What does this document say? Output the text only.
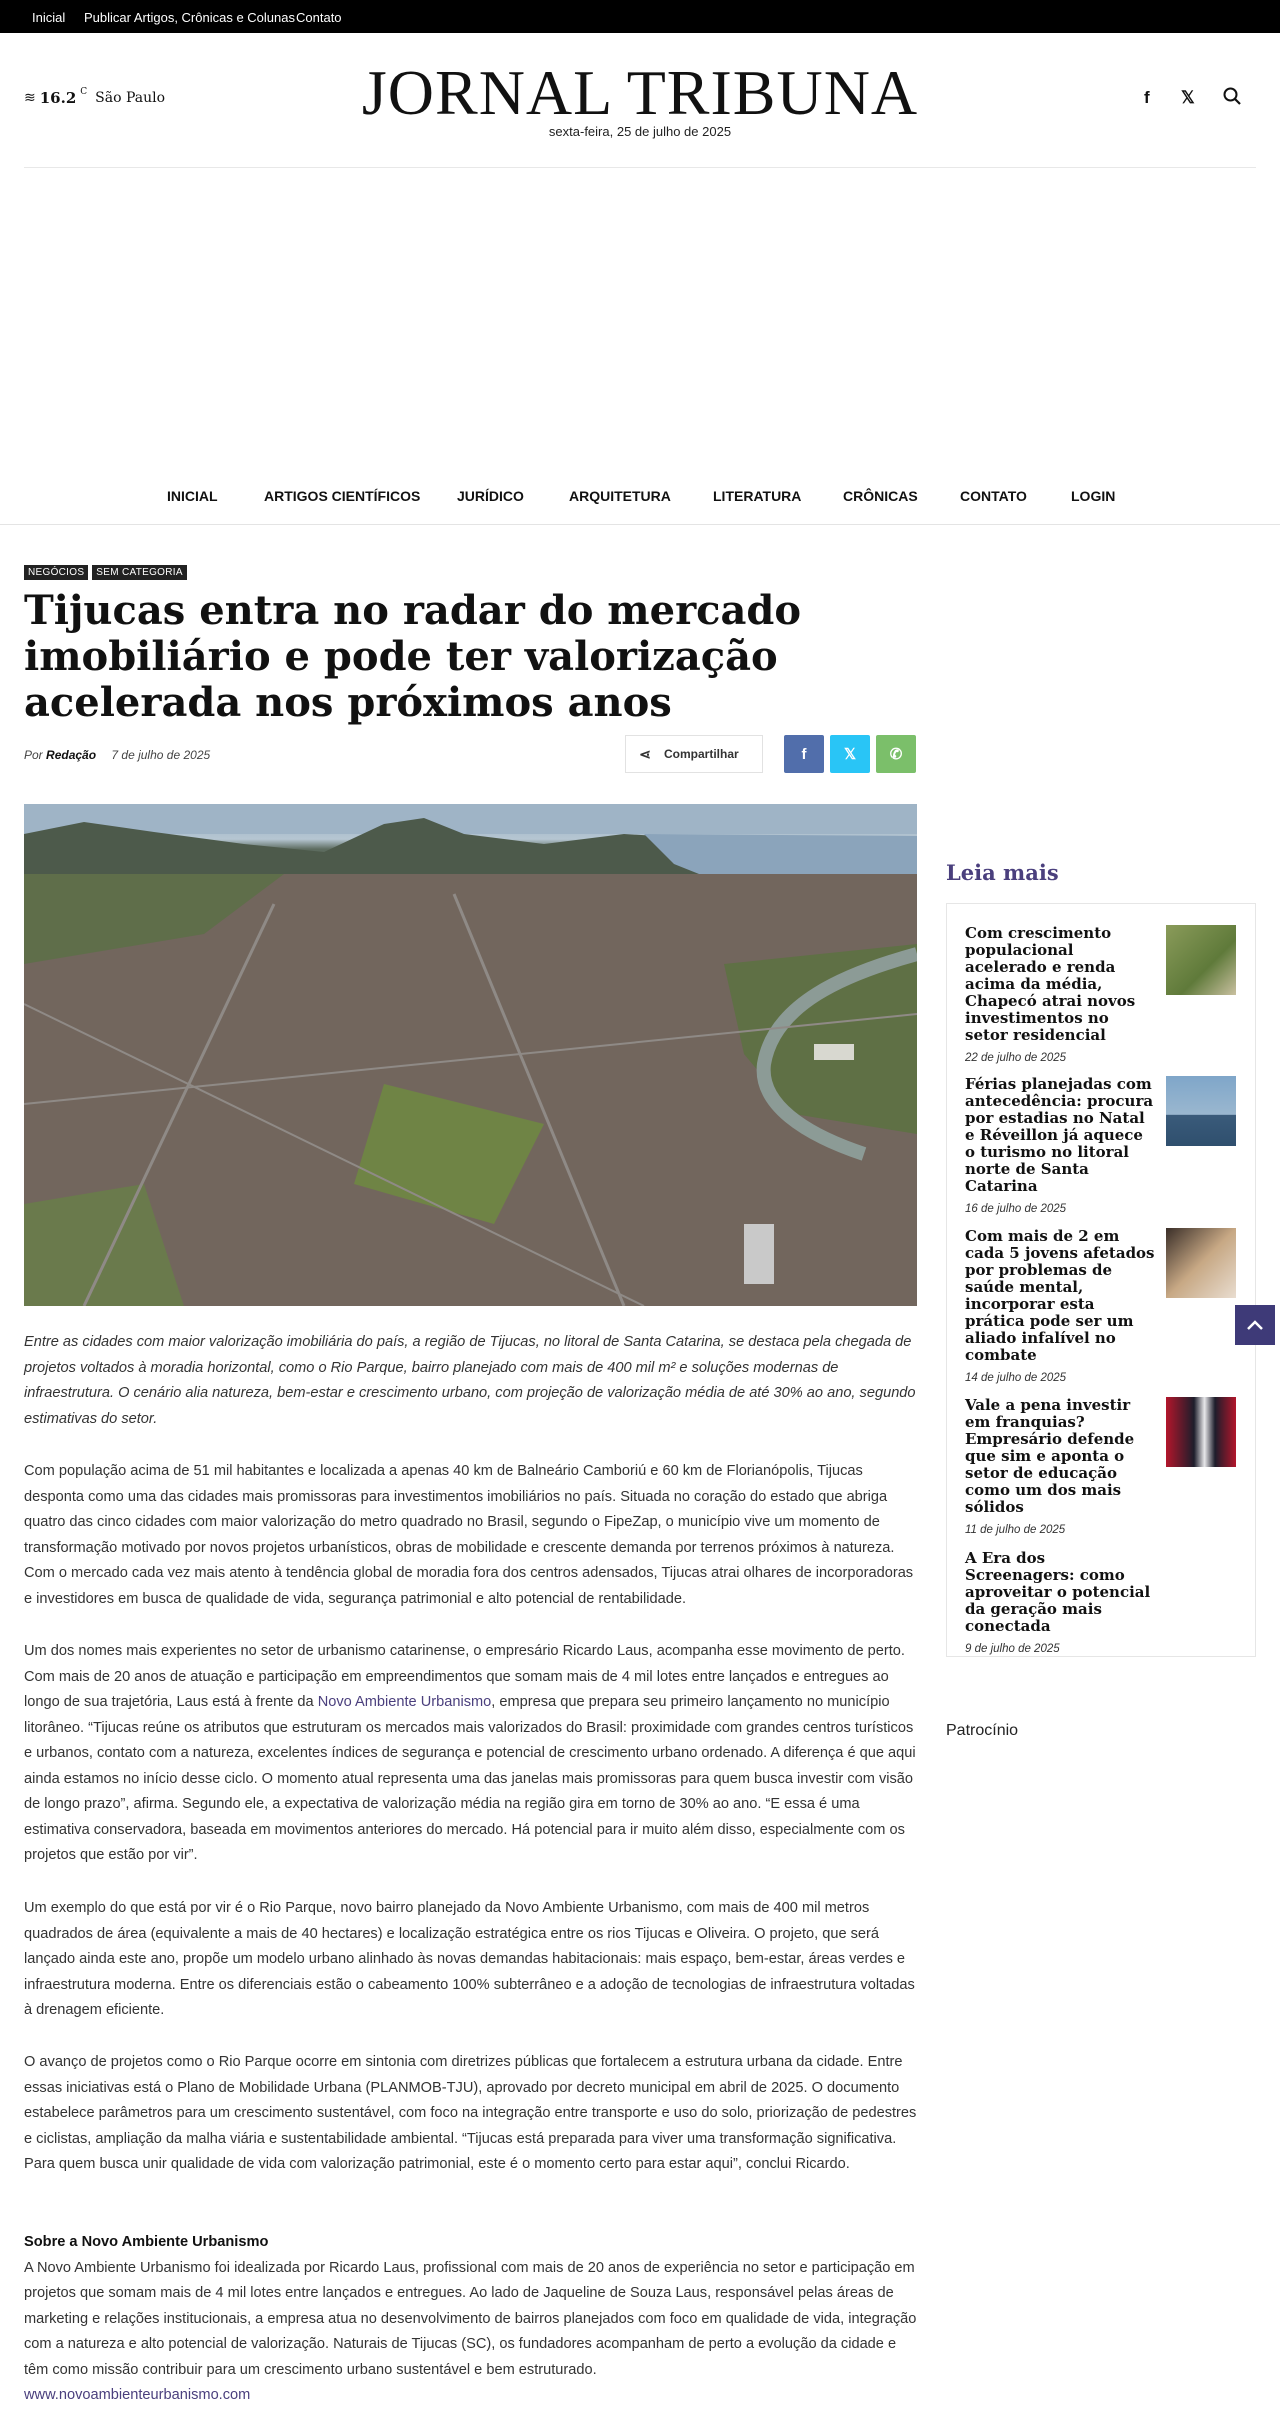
Inicial Publicar Artigos, Crônicas e Colunas Contato
≋ 16.2 $^C$ São Paulo	JORNAL TRIBUNA
sexta-feira, 25 de julho de 2025
f 𝕏
INICIAL	ARTIGOS CIENTÍFICOS	JURÍDICO	ARQUITETURA	LITERATURA	CRÔNICAS	CONTATO	LOGIN
NEGÓCIOS	SEM CATEGORIA
Tijucas entra no radar do mercado imobiliário e pode ter valorização acelerada nos próximos anos
Por Redação 7 de julho de 2025	⋖	Compartilhar	f 𝕏 ✆
Entre as cidades com maior valorização imobiliária do país, a região de Tijucas, no litoral de Santa Catarina, se destaca pela chegada de projetos voltados à moradia horizontal, como o Rio Parque, bairro planejado com mais de 400 mil m² e soluções modernas de infraestrutura. O cenário alia natureza, bem-estar e crescimento urbano, com projeção de valorização média de até 30% ao ano, segundo estimativas do setor.
Com população acima de 51 mil habitantes e localizada a apenas 40 km de Balneário Camboriú e 60 km de Florianópolis, Tijucas desponta como uma das cidades mais promissoras para investimentos imobiliários no país. Situada no coração do estado que abriga quatro das cinco cidades com maior valorização do metro quadrado no Brasil, segundo o FipeZap, o município vive um momento de transformação motivado por novos projetos urbanísticos, obras de mobilidade e crescente demanda por terrenos próximos à natureza. Com o mercado cada vez mais atento à tendência global de moradia fora dos centros adensados, Tijucas atrai olhares de incorporadoras e investidores em busca de qualidade de vida, segurança patrimonial e alto potencial de rentabilidade.
Um dos nomes mais experientes no setor de urbanismo catarinense, o empresário Ricardo Laus, acompanha esse movimento de perto. Com mais de 20 anos de atuação e participação em empreendimentos que somam mais de 4 mil lotes entre lançados e entregues ao longo de sua trajetória, Laus está à frente da Novo Ambiente Urbanismo, empresa que prepara seu primeiro lançamento no município litorâneo. “Tijucas reúne os atributos que estruturam os mercados mais valorizados do Brasil: proximidade com grandes centros turísticos e urbanos, contato com a natureza, excelentes índices de segurança e potencial de crescimento urbano ordenado. A diferença é que aqui ainda estamos no início desse ciclo. O momento atual representa uma das janelas mais promissoras para quem busca investir com visão de longo prazo”, afirma. Segundo ele, a expectativa de valorização média na região gira em torno de 30% ao ano. “E essa é uma estimativa conservadora, baseada em movimentos anteriores do mercado. Há potencial para ir muito além disso, especialmente com os projetos que estão por vir”.
Um exemplo do que está por vir é o Rio Parque, novo bairro planejado da Novo Ambiente Urbanismo, com mais de 400 mil metros quadrados de área (equivalente a mais de 40 hectares) e localização estratégica entre os rios Tijucas e Oliveira. O projeto, que será lançado ainda este ano, propõe um modelo urbano alinhado às novas demandas habitacionais: mais espaço, bem-estar, áreas verdes e infraestrutura moderna. Entre os diferenciais estão o cabeamento 100% subterrâneo e a adoção de tecnologias de infraestrutura voltadas à drenagem eficiente.
O avanço de projetos como o Rio Parque ocorre em sintonia com diretrizes públicas que fortalecem a estrutura urbana da cidade. Entre essas iniciativas está o Plano de Mobilidade Urbana (PLANMOB-TJU), aprovado por decreto municipal em abril de 2025. O documento estabelece parâmetros para um crescimento sustentável, com foco na integração entre transporte e uso do solo, priorização de pedestres e ciclistas, ampliação da malha viária e sustentabilidade ambiental. “Tijucas está preparada para viver uma transformação significativa. Para quem busca unir qualidade de vida com valorização patrimonial, este é o momento certo para estar aqui”, conclui Ricardo.
Sobre a Novo Ambiente Urbanismo
A Novo Ambiente Urbanismo foi idealizada por Ricardo Laus, profissional com mais de 20 anos de experiência no setor e participação em projetos que somam mais de 4 mil lotes entre lançados e entregues. Ao lado de Jaqueline de Souza Laus, responsável pelas áreas de marketing e relações institucionais, a empresa atua no desenvolvimento de bairros planejados com foco em qualidade de vida, integração com a natureza e alto potencial de valorização. Naturais de Tijucas (SC), os fundadores acompanham de perto a evolução da cidade e têm como missão contribuir para um crescimento urbano sustentável e bem estruturado.
www.novoambienteurbanismo.com
Leia mais
Com crescimento populacional acelerado e renda acima da média, Chapecó atrai novos investimentos no setor residencial
22 de julho de 2025
Férias planejadas com antecedência: procura por estadias no Natal e Réveillon já aquece o turismo no litoral norte de Santa Catarina
16 de julho de 2025
Com mais de 2 em cada 5 jovens afetados por problemas de saúde mental, incorporar esta prática pode ser um aliado infalível no combate
14 de julho de 2025
Vale a pena investir em franquias? Empresário defende que sim e aponta o setor de educação como um dos mais sólidos
11 de julho de 2025
A Era dos Screenagers: como aproveitar o potencial da geração mais conectada
9 de julho de 2025
Patrocínio
